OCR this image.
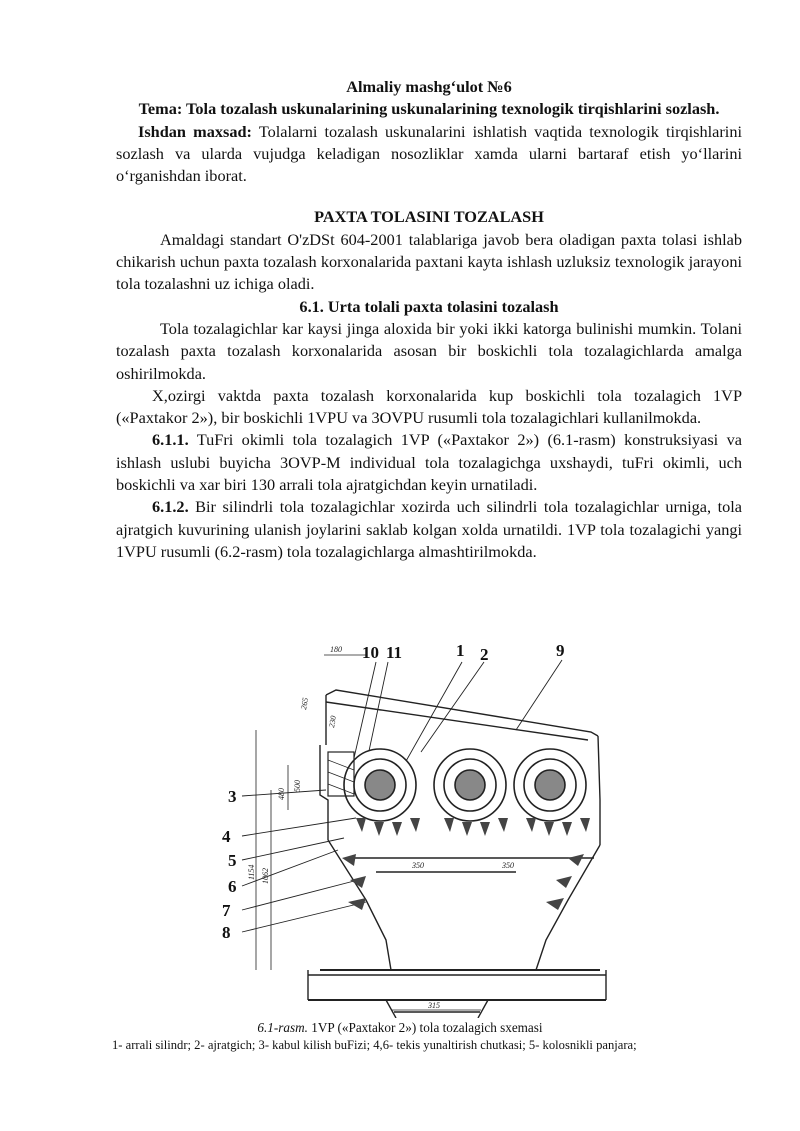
Almaliy mashg‘ulot №6

Tema: Tola tozalash uskunalarining uskunalarining texnologik tirqishlarini sozlash.

Ishdan maxsad: Tolalarni tozalash uskunalarini ishlatish vaqtida texnologik tirqishlarini sozlash va ularda vujudga keladigan nosozliklar xamda ularni bartaraf etish yo‘llarini o‘rganishdan iborat.

PAXTA TOLASINI TOZALASH

Amaldagi standart O'zDSt 604-2001 talablariga javob bera oladigan paxta tolasi ishlab chikarish uchun paxta tozalash korxonalarida paxtani kayta ishlash uzluksiz texnologik jarayoni tola tozalashni uz ichiga oladi.

6.1. Urta tolali paxta tolasini tozalash

Tola tozalagichlar kar kaysi jinga aloxida bir yoki ikki katorga bulinishi mumkin. Tolani tozalash paxta tozalash korxonalarida asosan bir boskichli tola tozalagichlarda amalga oshirilmokda.

X,ozirgi vaktda paxta tozalash korxonalarida kup boskichli tola tozalagich 1VP («Paxtakor 2»), bir boskichli 1VPU va 3OVPU rusumli tola tozalagichlari kullanilmokda.

6.1.1. TuFri okimli tola tozalagich 1VP («Paxtakor 2») (6.1-rasm) konstruksiyasi va ishlash uslubi buyicha 3OVP-M individual tola tozalagichga uxshaydi, tuFri okimli, uch boskichli va xar biri 130 arrali tola ajratgichdan keyin urnatiladi.

6.1.2. Bir silindrli tola tozalagichlar xozirda uch silindrli tola tozalagichlar urniga, tola ajratgich kuvurining ulanish joylarini saklab kolgan xolda urnatildi. 1VP tola tozalagichi yangi 1VPU rusumli (6.2-rasm) tola tozalagichlarga almashtirilmokda.

10 11	1 2	9
3
4
5
6
7
8
180
265
230
350	350
315
1154 1062
480
500
6.1-rasm. 1VP («Paxtakor 2») tola tozalagich sxemasi
1- arrali silindr; 2- ajratgich; 3- kabul kilish buFizi; 4,6- tekis yunaltirish chutkasi; 5- kolosnikli panjara;
